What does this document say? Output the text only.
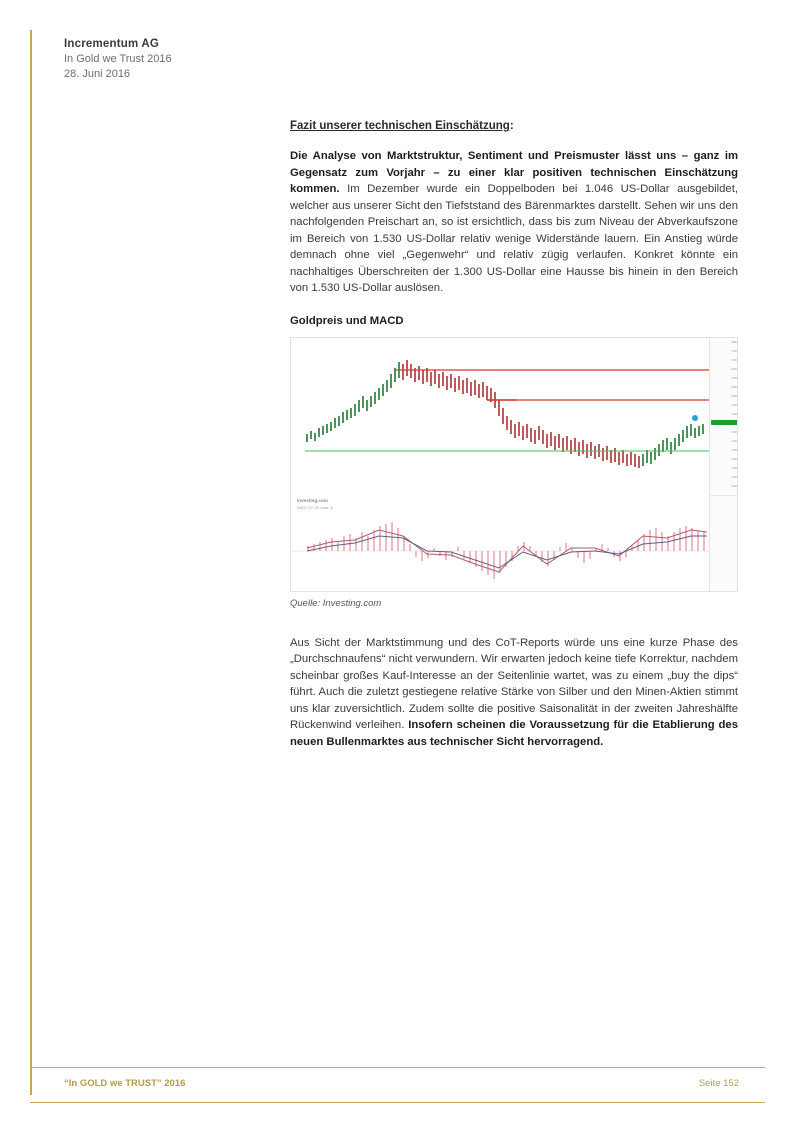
Incrementum AG
In Gold we Trust 2016
28. Juni 2016
Fazit unserer technischen Einschätzung:

Die Analyse von Marktstruktur, Sentiment und Preismuster lässt uns – ganz im Gegensatz zum Vorjahr – zu einer klar positiven technischen Einschätzung kommen. Im Dezember wurde ein Doppelboden bei 1.046 US-Dollar ausgebildet, welcher aus unserer Sicht den Tiefststand des Bärenmarktes darstellt. Sehen wir uns den nachfolgenden Preischart an, so ist ersichtlich, dass bis zum Niveau der Abverkaufszone im Bereich von 1.530 US-Dollar relativ wenige Widerstände lauern. Ein Anstieg würde demnach ohne viel „Gegenwehr“ und relativ zügig verlaufen. Konkret könnte ein nachhaltiges Überschreiten der 1.300 US-Dollar eine Hausse bis hinein in den Bereich von 1.530 US-Dollar auslösen.

Goldpreis und MACD
1800
1750
1700
1650
1600
1550
1500
1450
1400
1350
1300
1250
1200
1150
1100
1050
Investing.com
MACD (12, 26, close, 9)
Quelle: Investing.com

Aus Sicht der Marktstimmung und des CoT-Reports würde uns eine kurze Phase des „Durchschnaufens“ nicht verwundern. Wir erwarten jedoch keine tiefe Korrektur, nachdem scheinbar großes Kauf-Interesse an der Seitenlinie wartet, was zu einem „buy the dips“ führt. Auch die zuletzt gestiegene relative Stärke von Silber und den Minen-Aktien stimmt uns klar zuversichtlich. Zudem sollte die positive Saisonalität in der zweiten Jahreshälfte Rückenwind verleihen. Insofern scheinen die Voraussetzung für die Etablierung des neuen Bullenmarktes aus technischer Sicht hervorragend.

“In GOLD we TRUST” 2016	Seite 152
